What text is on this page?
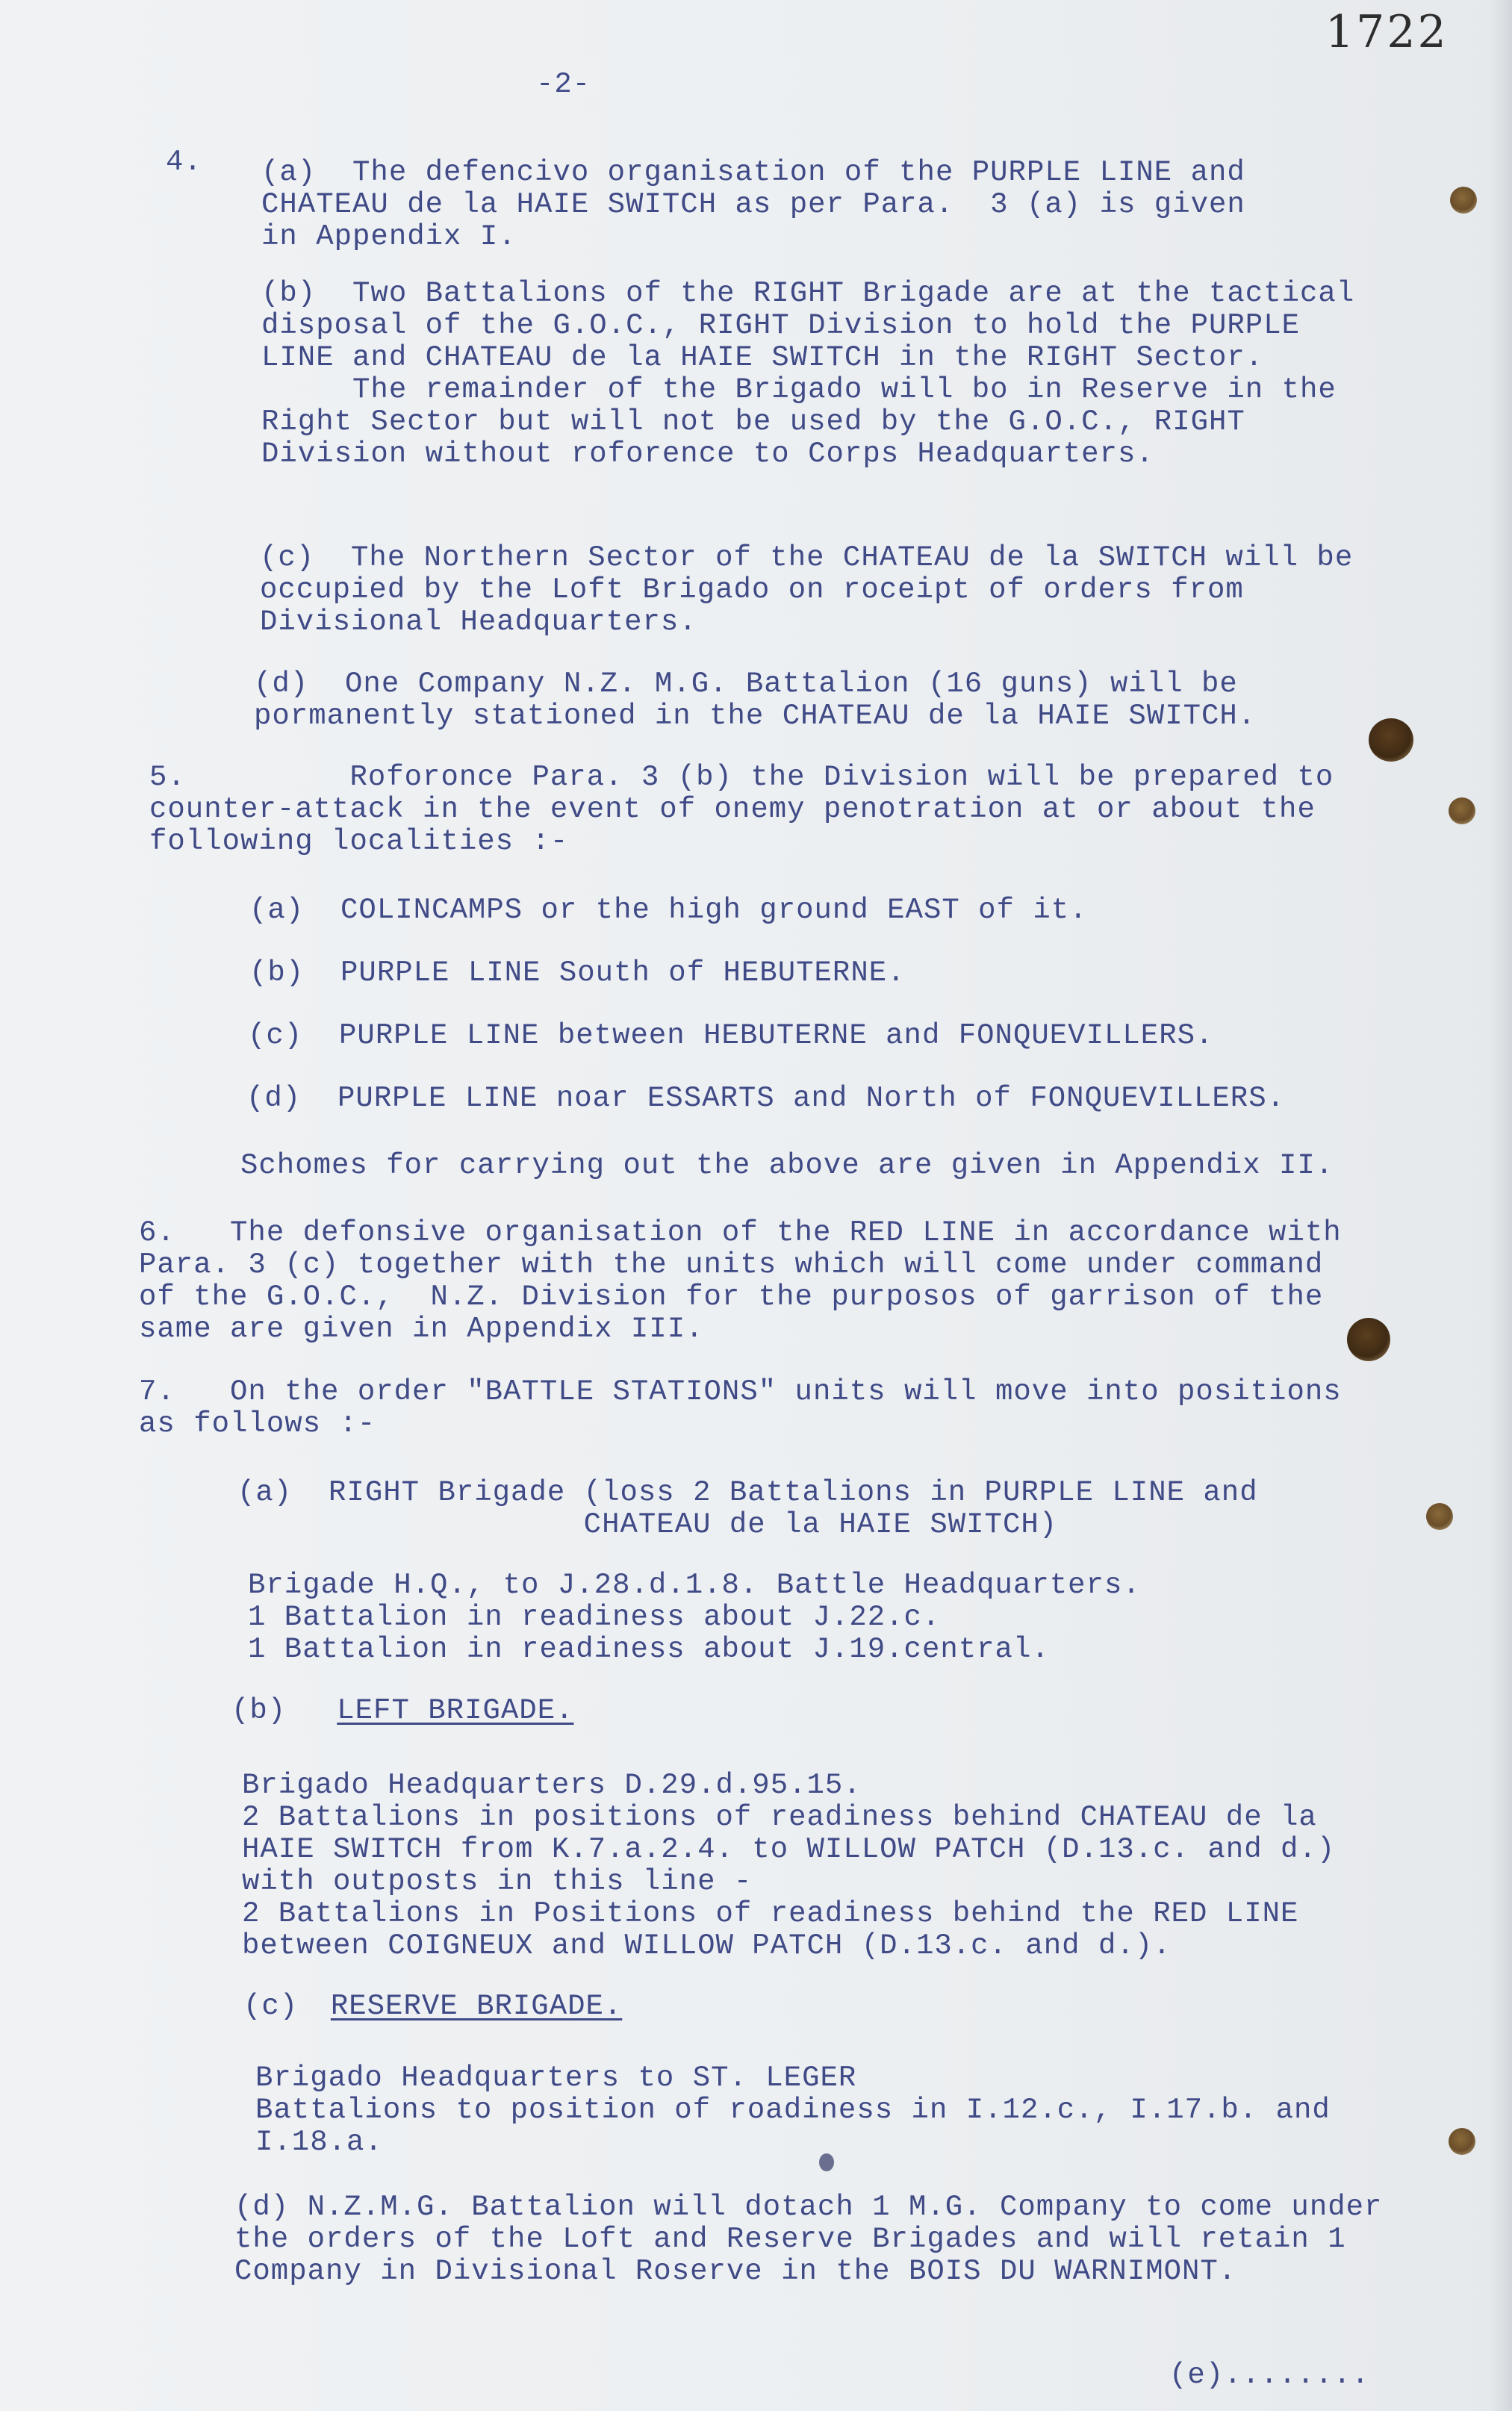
1722
-2-
4. (a)  The defencivo organisation of the PURPLE LINE and
CHATEAU de la HAIE SWITCH as per Para.  3 (a) is given
in Appendix I.
(b)  Two Battalions of the RIGHT Brigade are at the tactical
disposal of the G.O.C., RIGHT Division to hold the PURPLE
LINE and CHATEAU de la HAIE SWITCH in the RIGHT Sector.
The remainder of the Brigado will bo in Reserve in the
Right Sector but will not be used by the G.O.C., RIGHT
Division without roforence to Corps Headquarters.
(c)  The Northern Sector of the CHATEAU de la SWITCH will be
occupied by the Loft Brigado on roceipt of orders from
Divisional Headquarters.
(d)  One Company N.Z. M.G. Battalion (16 guns) will be
pormanently stationed in the CHATEAU de la HAIE SWITCH.
5.         Roforonce Para. 3 (b) the Division will be prepared to
counter-attack in the event of onemy penotration at or about the
following localities :-
(a)  COLINCAMPS or the high ground EAST of it.
(b)  PURPLE LINE South of HEBUTERNE.
(c)  PURPLE LINE between HEBUTERNE and FONQUEVILLERS.
(d)  PURPLE LINE noar ESSARTS and North of FONQUEVILLERS.
Schomes for carrying out the above are given in Appendix II.
6.   The defonsive organisation of the RED LINE in accordance with
Para. 3 (c) together with the units which will come under command
of the G.O.C.,  N.Z. Division for the purposos of garrison of the
same are given in Appendix III.
7.   On the order "BATTLE STATIONS" units will move into positions
as follows :-
(a)  RIGHT Brigade (loss 2 Battalions in PURPLE LINE and
CHATEAU de la HAIE SWITCH)
Brigade H.Q., to J.28.d.1.8. Battle Headquarters.
1 Battalion in readiness about J.22.c.
1 Battalion in readiness about J.19.central.
(b) LEFT BRIGADE.
Brigado Headquarters D.29.d.95.15.
2 Battalions in positions of readiness behind CHATEAU de la
HAIE SWITCH from K.7.a.2.4. to WILLOW PATCH (D.13.c. and d.)
with outposts in this line -
2 Battalions in Positions of readiness behind the RED LINE
between COIGNEUX and WILLOW PATCH (D.13.c. and d.).
(c) RESERVE BRIGADE.
Brigado Headquarters to ST. LEGER
Battalions to position of roadiness in I.12.c., I.17.b. and
I.18.a.
(d) N.Z.M.G. Battalion will dotach 1 M.G. Company to come under
the orders of the Loft and Reserve Brigades and will retain 1
Company in Divisional Roserve in the BOIS DU WARNIMONT.
(e)........
